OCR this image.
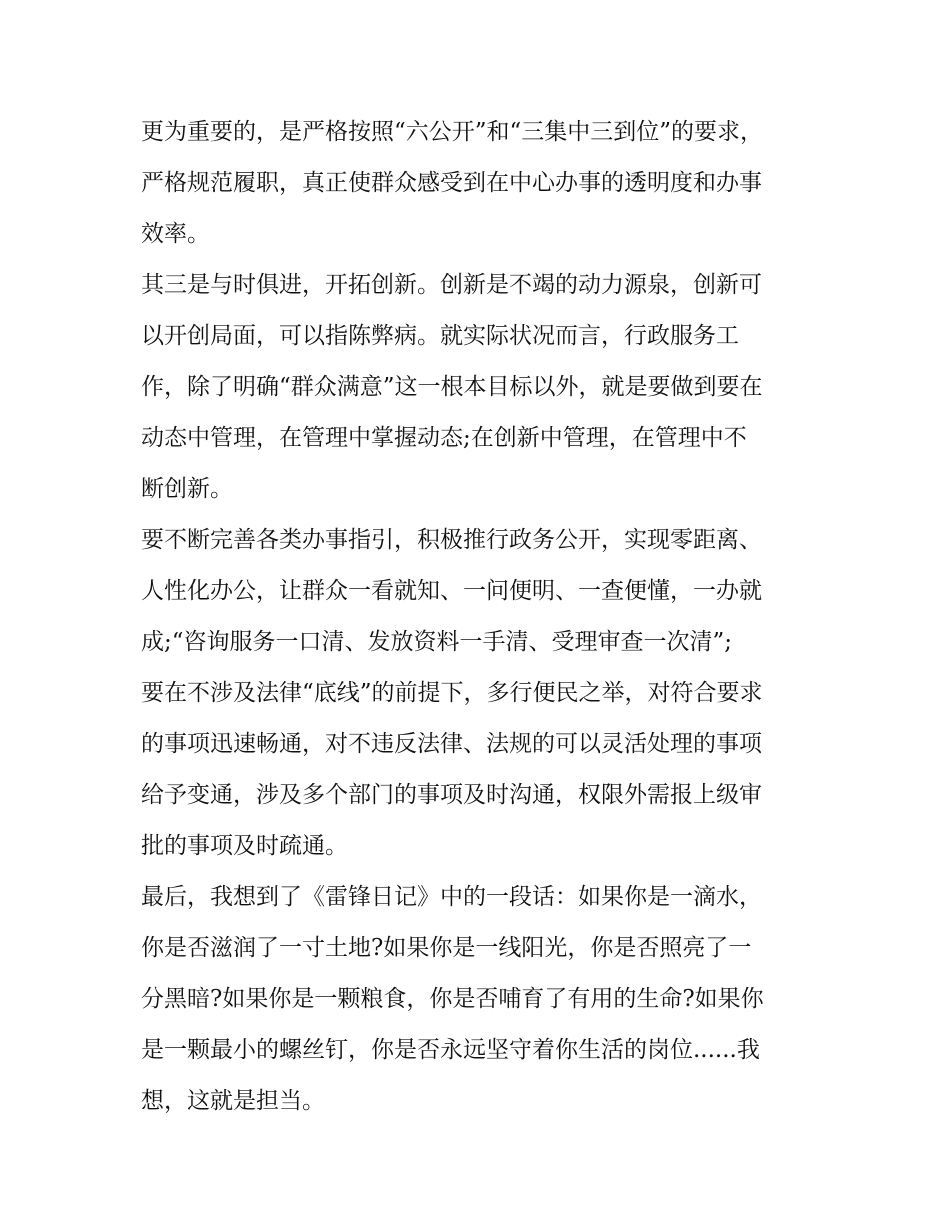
更为重要的，是严格按照“六公开”和“三集中三到位”的要求，
严格规范履职，真正使群众感受到在中心办事的透明度和办事
效率。
其三是与时俱进，开拓创新。创新是不竭的动力源泉，创新可
以开创局面，可以指陈弊病。就实际状况而言，行政服务工
作，除了明确“群众满意”这一根本目标以外，就是要做到要在
动态中管理，在管理中掌握动态;在创新中管理，在管理中不
断创新。
要不断完善各类办事指引，积极推行政务公开，实现零距离、
人性化办公，让群众一看就知、一问便明、一查便懂，一办就
成;“咨询服务一口清、发放资料一手清、受理审查一次清”;
要在不涉及法律“底线”的前提下，多行便民之举，对符合要求
的事项迅速畅通，对不违反法律、法规的可以灵活处理的事项
给予变通，涉及多个部门的事项及时沟通，权限外需报上级审
批的事项及时疏通。
最后，我想到了《雷锋日记》中的一段话：如果你是一滴水，
你是否滋润了一寸土地?如果你是一线阳光，你是否照亮了一
分黑暗?如果你是一颗粮食，你是否哺育了有用的生命?如果你
是一颗最小的螺丝钉，你是否永远坚守着你生活的岗位......我
想，这就是担当。
